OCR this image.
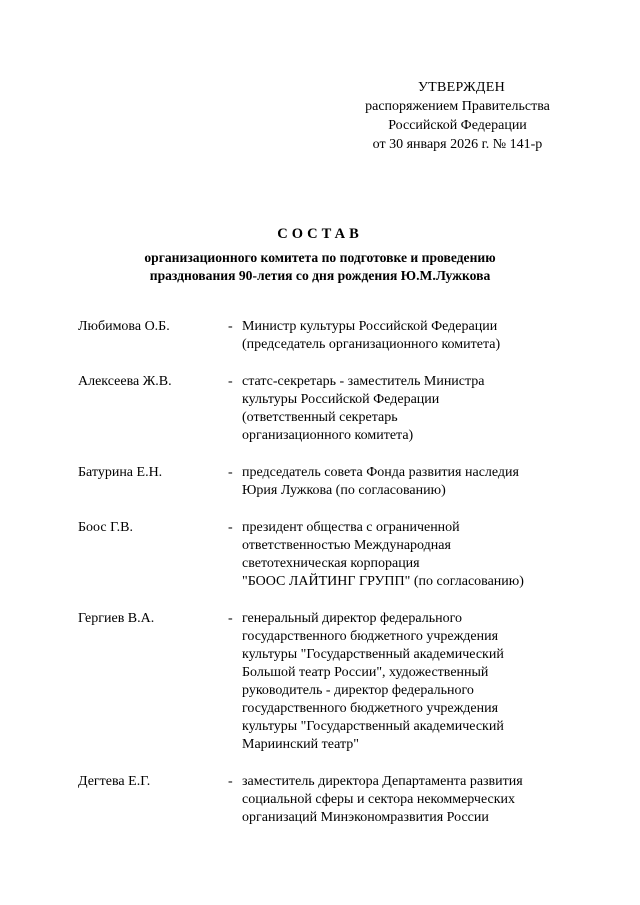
УТВЕРЖДЕН
распоряжением Правительства
Российской Федерации
от 30 января 2026 г. № 141-р
СОСТАВ
организационного комитета по подготовке и проведению
празднования 90-летия со дня рождения Ю.М.Лужкова
Любимова О.Б.	- Министр культуры Российской Федерации
(председатель организационного комитета)
Алексеева Ж.В.	- статс-секретарь - заместитель Министра
культуры Российской Федерации
(ответственный секретарь
организационного комитета)
Батурина Е.Н.	- председатель совета Фонда развития наследия
Юрия Лужкова (по согласованию)
Боос Г.В.	- президент общества с ограниченной
ответственностью Международная
светотехническая корпорация
"БООС ЛАЙТИНГ ГРУПП" (по согласованию)
Гергиев В.А.	- генеральный директор федерального
государственного бюджетного учреждения
культуры "Государственный академический
Большой театр России", художественный
руководитель - директор федерального
государственного бюджетного учреждения
культуры "Государственный академический
Мариинский театр"
Дегтева Е.Г.	- заместитель директора Департамента развития
социальной сферы и сектора некоммерческих
организаций Минэкономразвития России
